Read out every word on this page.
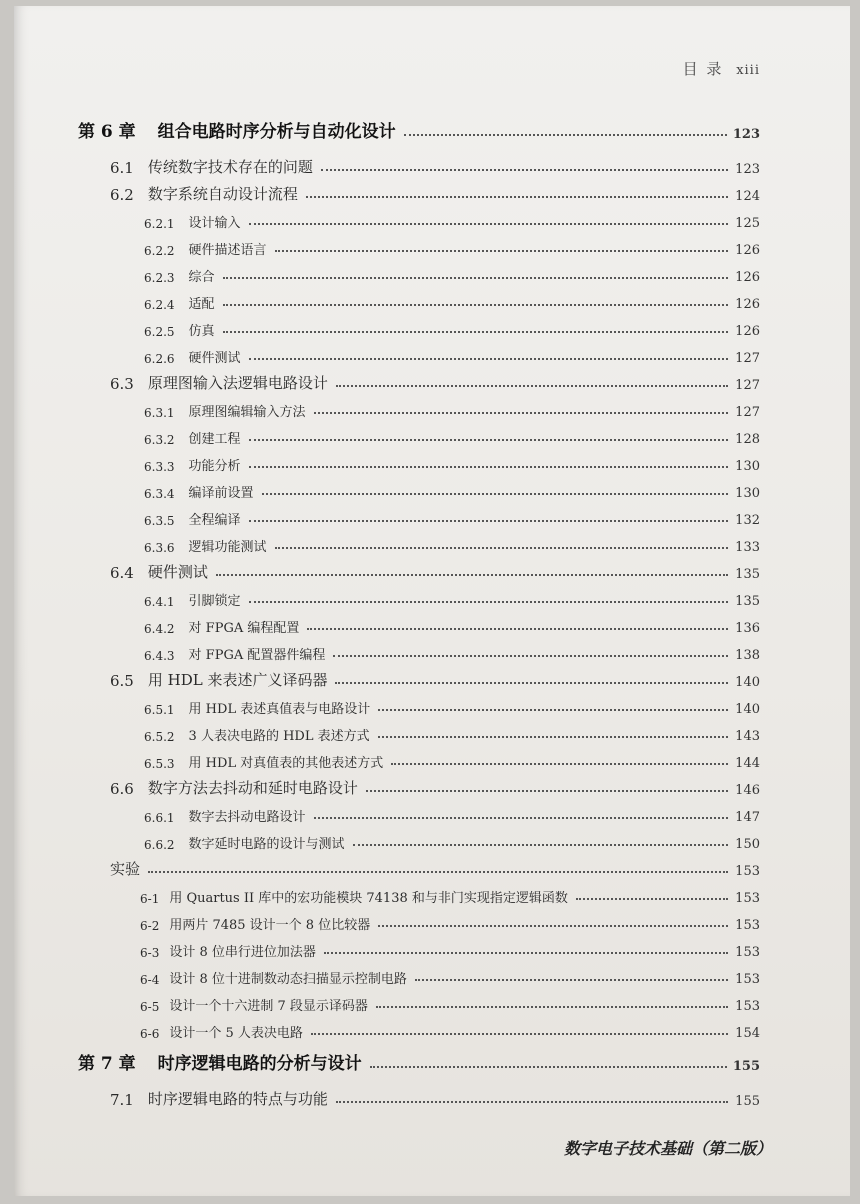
目 录 xiii
第 6 章 组合电路时序分析与自动化设计	123
6.1 传统数字技术存在的问题	123
6.2 数字系统自动设计流程	124
6.2.1 设计输入	125
6.2.2 硬件描述语言	126
6.2.3 综合	126
6.2.4 适配	126
6.2.5 仿真	126
6.2.6 硬件测试	127
6.3 原理图输入法逻辑电路设计	127
6.3.1 原理图编辑输入方法	127
6.3.2 创建工程	128
6.3.3 功能分析	130
6.3.4 编译前设置	130
6.3.5 全程编译	132
6.3.6 逻辑功能测试	133
6.4 硬件测试	135
6.4.1 引脚锁定	135
6.4.2 对 FPGA 编程配置	136
6.4.3 对 FPGA 配置器件编程	138
6.5 用 HDL 来表述广义译码器	140
6.5.1 用 HDL 表述真值表与电路设计	140
6.5.2 3 人表决电路的 HDL 表述方式	143
6.5.3 用 HDL 对真值表的其他表述方式	144
6.6 数字方法去抖动和延时电路设计	146
6.6.1 数字去抖动电路设计	147
6.6.2 数字延时电路的设计与测试	150
实验	153
6-1 用 Quartus II 库中的宏功能模块 74138 和与非门实现指定逻辑函数	153
6-2 用两片 7485 设计一个 8 位比较器	153
6-3 设计 8 位串行进位加法器	153
6-4 设计 8 位十进制数动态扫描显示控制电路	153
6-5 设计一个十六进制 7 段显示译码器	153
6-6 设计一个 5 人表决电路	154
第 7 章 时序逻辑电路的分析与设计	155
7.1 时序逻辑电路的特点与功能	155
数字电子技术基础（第二版）
